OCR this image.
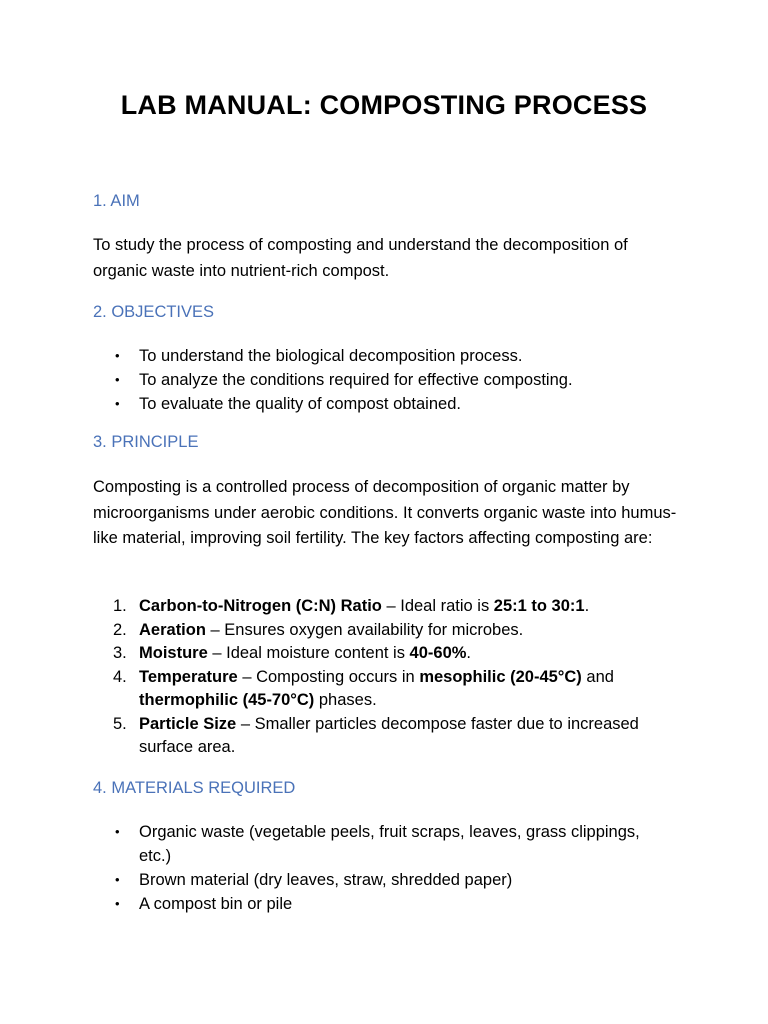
LAB MANUAL: COMPOSTING PROCESS
1. AIM

To study the process of composting and understand the decomposition of organic waste into nutrient-rich compost.

2. OBJECTIVES
• To understand the biological decomposition process.
• To analyze the conditions required for effective composting.
• To evaluate the quality of compost obtained.
3. PRINCIPLE

Composting is a controlled process of decomposition of organic matter by microorganisms under aerobic conditions. It converts organic waste into humus-like material, improving soil fertility. The key factors affecting composting are:

1. Carbon-to-Nitrogen (C:N) Ratio – Ideal ratio is 25:1 to 30:1.
2. Aeration – Ensures oxygen availability for microbes.
3. Moisture – Ideal moisture content is 40-60%.
4. Temperature – Composting occurs in mesophilic (20-45°C) and thermophilic (45-70°C) phases.
5. Particle Size – Smaller particles decompose faster due to increased surface area.
4. MATERIALS REQUIRED
• Organic waste (vegetable peels, fruit scraps, leaves, grass clippings, etc.)
• Brown material (dry leaves, straw, shredded paper)
• A compost bin or pile
